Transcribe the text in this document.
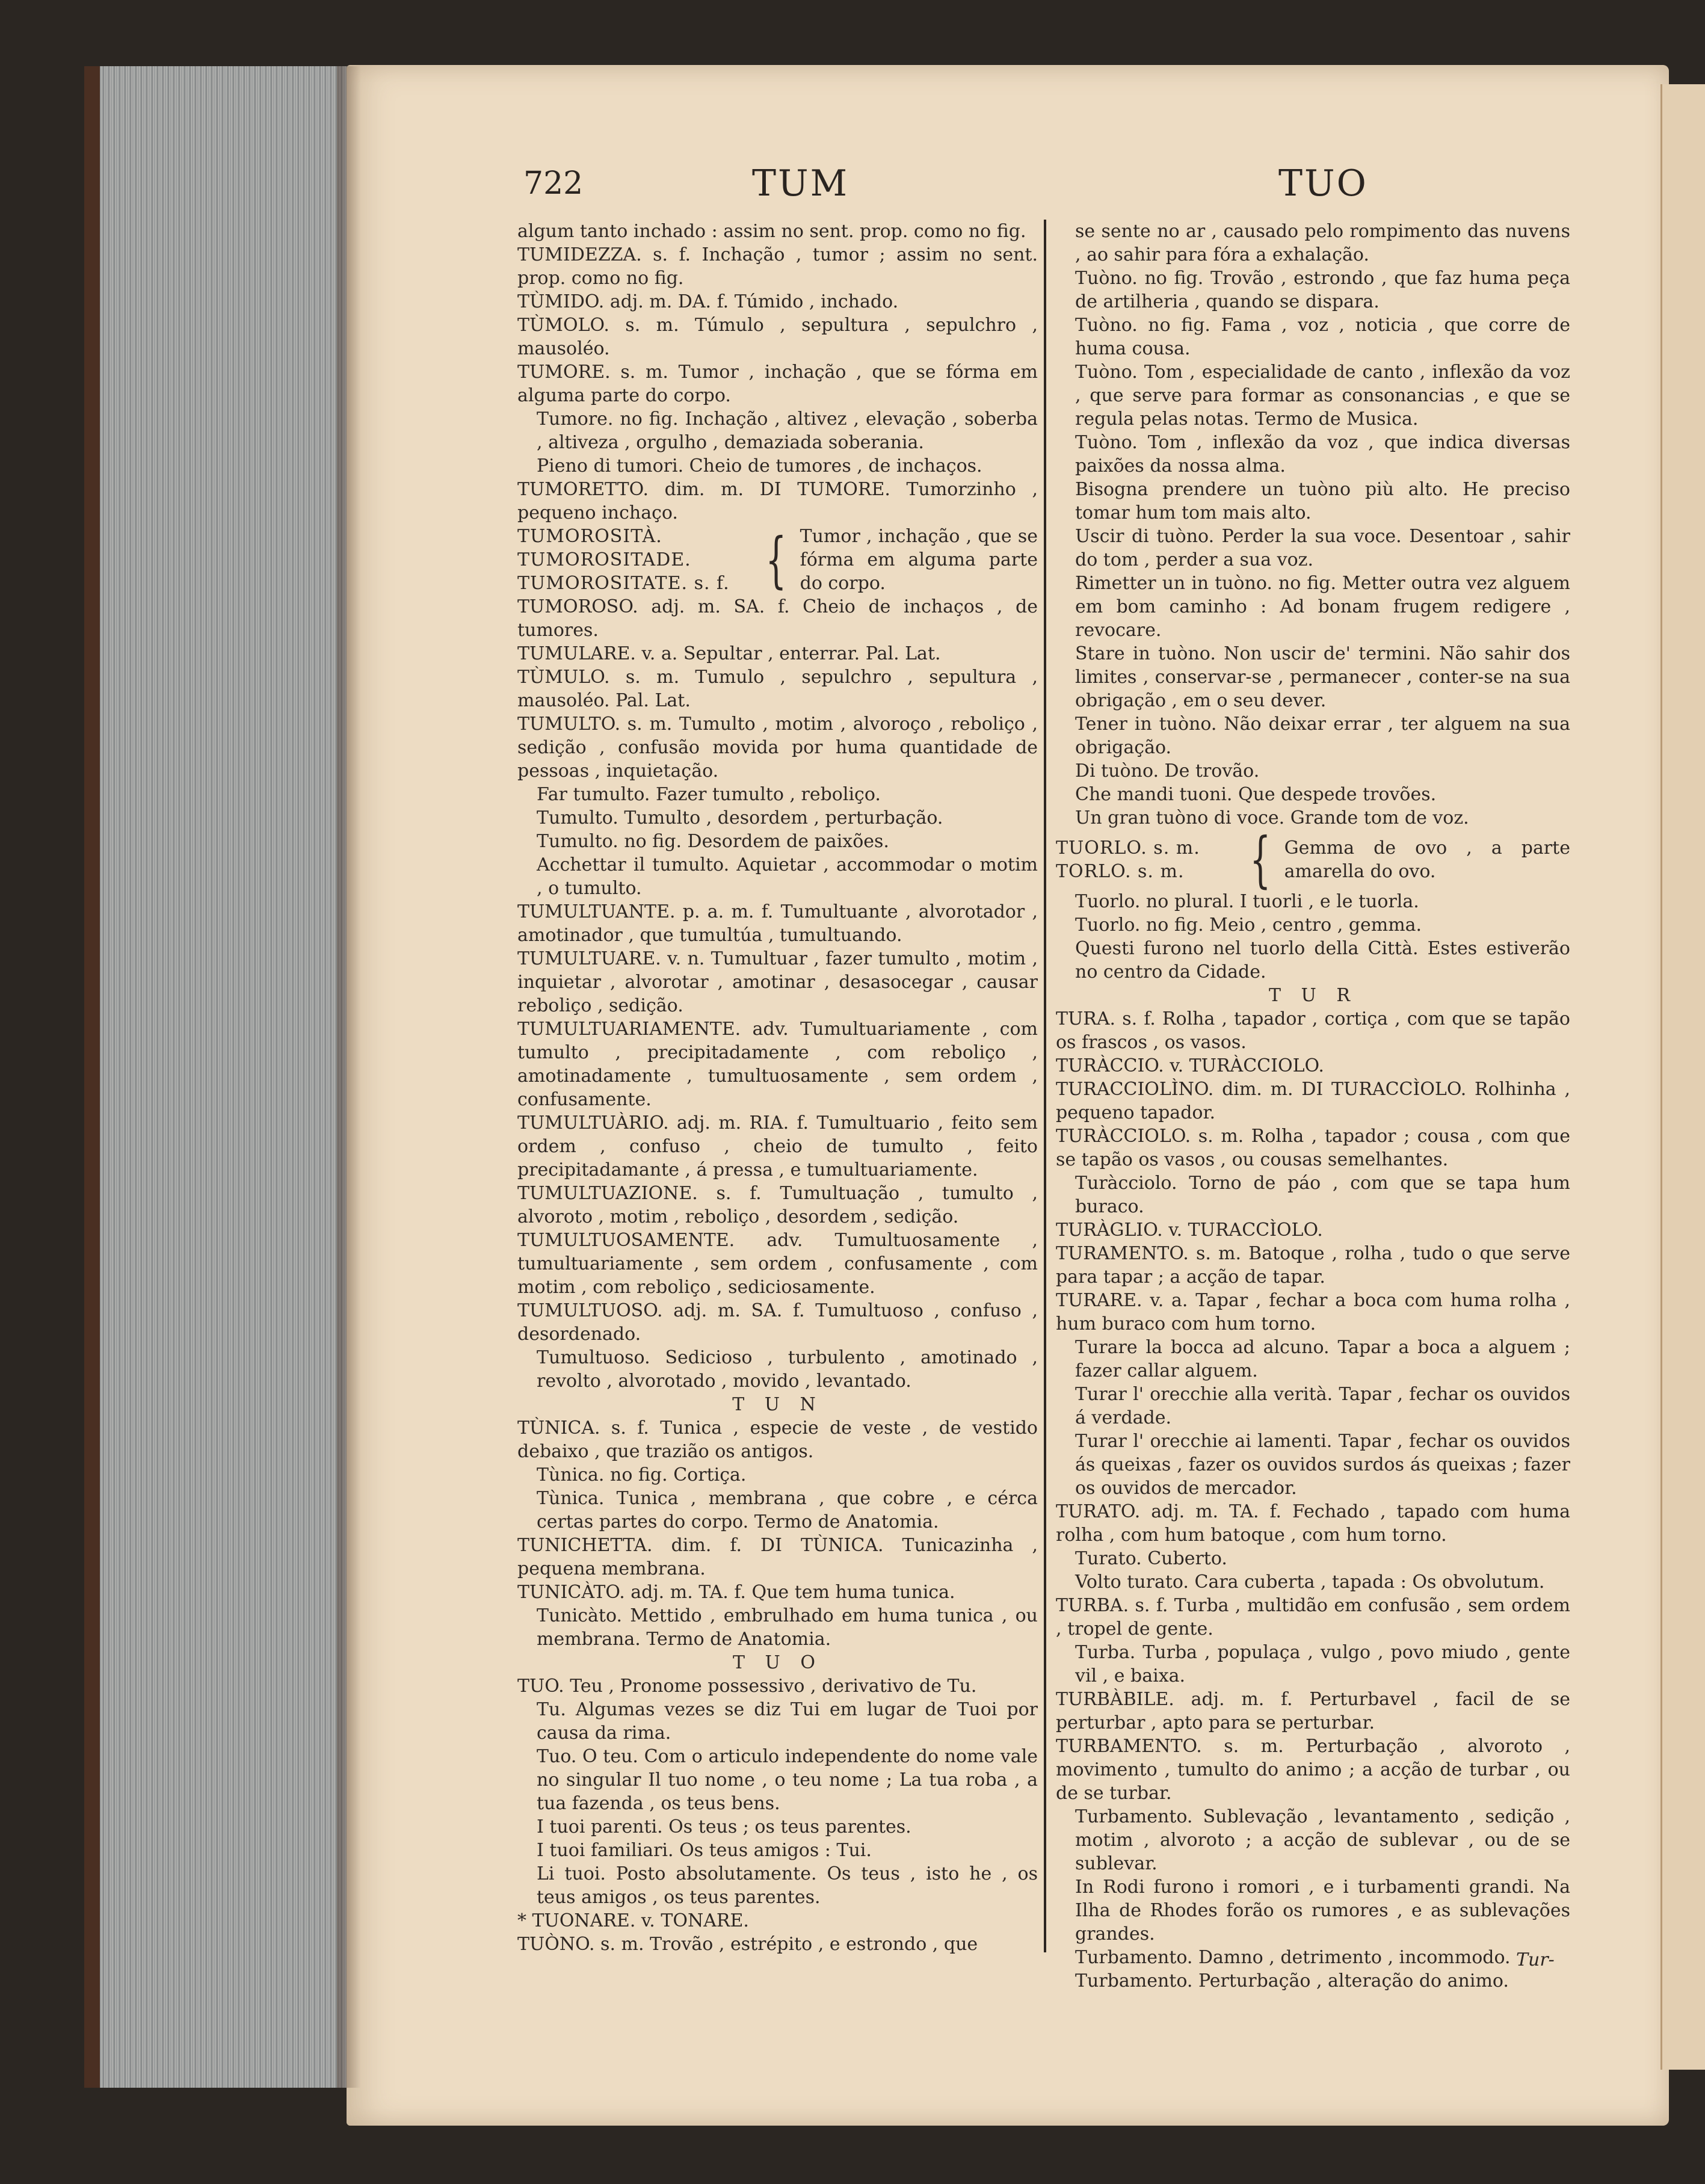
722	TUM	TUO
algum tanto inchado : assim no sent. prop. como no fig.
TUMIDEZZA. s. f. Inchação , tumor ; assim no sent. prop. como no fig.
TÙMIDO. adj. m. DA. f. Túmido , inchado.
TÙMOLO. s. m. Túmulo , sepultura , sepulchro , mausoléo.
TUMORE. s. m. Tumor , inchação , que se fórma em alguma parte do corpo.
Tumore. no fig. Inchação , altivez , elevação , soberba , altiveza , orgulho , demaziada soberania.
Pieno di tumori. Cheio de tumores , de inchaços.
TUMORETTO. dim. m. DI TUMORE. Tumorzinho , pequeno inchaço.
TUMOROSITÀ.
TUMOROSITADE.
TUMOROSITATE. s. f. { Tumor , inchação , que se fórma em alguma parte do corpo.
TUMOROSO. adj. m. SA. f. Cheio de inchaços , de tumores.
TUMULARE. v. a. Sepultar , enterrar. Pal. Lat.
TÙMULO. s. m. Tumulo , sepulchro , sepultura , mausoléo. Pal. Lat.
TUMULTO. s. m. Tumulto , motim , alvoroço , reboliço , sedição , confusão movida por huma quantidade de pessoas , inquietação.
Far tumulto. Fazer tumulto , reboliço.
Tumulto. Tumulto , desordem , perturbação.
Tumulto. no fig. Desordem de paixões.
Acchettar il tumulto. Aquietar , accommodar o motim , o tumulto.
TUMULTUANTE. p. a. m. f. Tumultuante , alvorotador , amotinador , que tumultúa , tumultuando.
TUMULTUARE. v. n. Tumultuar , fazer tumulto , motim , inquietar , alvorotar , amotinar , desasocegar , causar reboliço , sedição.
TUMULTUARIAMENTE. adv. Tumultuariamente , com tumulto , precipitadamente , com reboliço , amotinadamente , tumultuosamente , sem ordem , confusamente.
TUMULTUÀRIO. adj. m. RIA. f. Tumultuario , feito sem ordem , confuso , cheio de tumulto , feito precipitadamante , á pressa , e tumultuariamente.
TUMULTUAZIONE. s. f. Tumultuação , tumulto , alvoroto , motim , reboliço , desordem , sedição.
TUMULTUOSAMENTE. adv. Tumultuosamente , tumultuariamente , sem ordem , confusamente , com motim , com reboliço , sediciosamente.
TUMULTUOSO. adj. m. SA. f. Tumultuoso , confuso , desordenado.
Tumultuoso. Sedicioso , turbulento , amotinado , revolto , alvorotado , movido , levantado.
T U N
TÙNICA. s. f. Tunica , especie de veste , de vestido debaixo , que trazião os antigos.
Tùnica. no fig. Cortiça.
Tùnica. Tunica , membrana , que cobre , e cérca certas partes do corpo. Termo de Anatomia.
TUNICHETTA. dim. f. DI TÙNICA. Tunicazinha , pequena membrana.
TUNICÀTO. adj. m. TA. f. Que tem huma tunica.
Tunicàto. Mettido , embrulhado em huma tunica , ou membrana. Termo de Anatomia.
T U O
TUO. Teu , Pronome possessivo , derivativo de Tu.
Tu. Algumas vezes se diz Tui em lugar de Tuoi por causa da rima.
Tuo. O teu. Com o articulo independente do nome vale no singular Il tuo nome , o teu nome ; La tua roba , a tua fazenda , os teus bens.
I tuoi parenti. Os teus ; os teus parentes.
I tuoi familiari. Os teus amigos : Tui.
Li tuoi. Posto absolutamente. Os teus , isto he , os teus amigos , os teus parentes.
* TUONARE. v. TONARE.
TUÒNO. s. m. Trovão , estrépito , e estrondo , que
se sente no ar , causado pelo rompimento das nuvens , ao sahir para fóra a exhalação.
Tuòno. no fig. Trovão , estrondo , que faz huma peça de artilheria , quando se dispara.
Tuòno. no fig. Fama , voz , noticia , que corre de huma cousa.
Tuòno. Tom , especialidade de canto , inflexão da voz , que serve para formar as consonancias , e que se regula pelas notas. Termo de Musica.
Tuòno. Tom , inflexão da voz , que indica diversas paixões da nossa alma.
Bisogna prendere un tuòno più alto. He preciso tomar hum tom mais alto.
Uscir di tuòno. Perder la sua voce. Desentoar , sahir do tom , perder a sua voz.
Rimetter un in tuòno. no fig. Metter outra vez alguem em bom caminho : Ad bonam frugem redigere , revocare.
Stare in tuòno. Non uscir de' termini. Não sahir dos limites , conservar-se , permanecer , conter-se na sua obrigação , em o seu dever.
Tener in tuòno. Não deixar errar , ter alguem na sua obrigação.
Di tuòno. De trovão.
Che mandi tuoni. Que despede trovões.
Un gran tuòno di voce. Grande tom de voz.
TUORLO. s. m.
TORLO. s. m.	{ Gemma de ovo , a parte amarella do ovo.
Tuorlo. no plural. I tuorli , e le tuorla.
Tuorlo. no fig. Meio , centro , gemma.
Questi furono nel tuorlo della Città. Estes estiverão no centro da Cidade.
T U R
TURA. s. f. Rolha , tapador , cortiça , com que se tapão os frascos , os vasos.
TURÀCCIO. v. TURÀCCIOLO.
TURACCIOLÌNO. dim. m. DI TURACCÌOLO. Rolhinha , pequeno tapador.
TURÀCCIOLO. s. m. Rolha , tapador ; cousa , com que se tapão os vasos , ou cousas semelhantes.
Turàcciolo. Torno de páo , com que se tapa hum buraco.
TURÀGLIO. v. TURACCÌOLO.
TURAMENTO. s. m. Batoque , rolha , tudo o que serve para tapar ; a acção de tapar.
TURARE. v. a. Tapar , fechar a boca com huma rolha , hum buraco com hum torno.
Turare la bocca ad alcuno. Tapar a boca a alguem ; fazer callar alguem.
Turar l' orecchie alla verità. Tapar , fechar os ouvidos á verdade.
Turar l' orecchie ai lamenti. Tapar , fechar os ouvidos ás queixas , fazer os ouvidos surdos ás queixas ; fazer os ouvidos de mercador.
TURATO. adj. m. TA. f. Fechado , tapado com huma rolha , com hum batoque , com hum torno.
Turato. Cuberto.
Volto turato. Cara cuberta , tapada : Os obvolutum.
TURBA. s. f. Turba , multidão em confusão , sem ordem , tropel de gente.
Turba. Turba , populaça , vulgo , povo miudo , gente vil , e baixa.
TURBÀBILE. adj. m. f. Perturbavel , facil de se perturbar , apto para se perturbar.
TURBAMENTO. s. m. Perturbação , alvoroto , movimento , tumulto do animo ; a acção de turbar , ou de se turbar.
Turbamento. Sublevação , levantamento , sedição , motim , alvoroto ; a acção de sublevar , ou de se sublevar.
In Rodi furono i romori , e i turbamenti grandi. Na Ilha de Rhodes forão os rumores , e as sublevações grandes.
Turbamento. Damno , detrimento , incommodo.
Turbamento. Perturbação , alteração do animo.
Tur-
